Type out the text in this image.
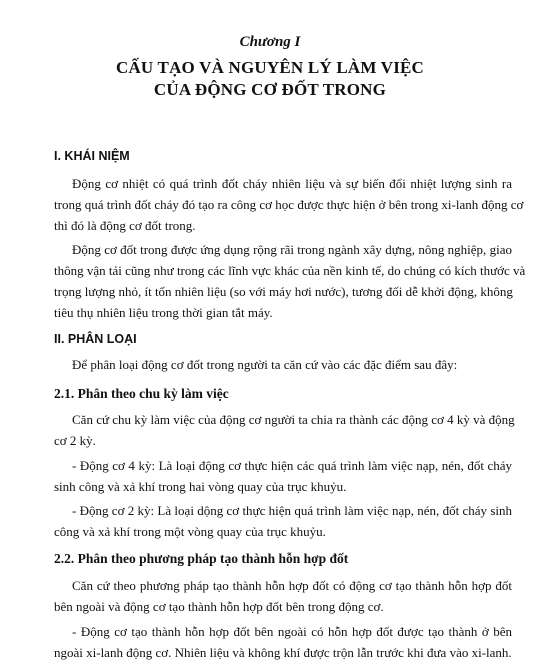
Chương I
CẤU TẠO VÀ NGUYÊN LÝ LÀM VIỆC
CỦA ĐỘNG CƠ ĐỐT TRONG
I. KHÁI NIỆM
Động cơ nhiệt có quá trình đốt cháy nhiên liệu và sự biến đổi nhiệt lượng sinh ra
trong quá trình đốt cháy đó tạo ra công cơ học được thực hiện ở bên trong xi-lanh động cơ
thì đó là động cơ đốt trong.
Động cơ đốt trong được ứng dụng rộng rãi trong ngành xây dựng, nông nghiệp, giao
thông vận tải cũng như trong các lĩnh vực khác của nền kinh tế, do chúng có kích thước và
trọng lượng nhỏ, ít tốn nhiên liệu (so với máy hơi nước), tương đối dễ khởi động, không
tiêu thụ nhiên liệu trong thời gian tắt máy.
II. PHÂN LOẠI
Để phân loại động cơ đốt trong người ta căn cứ vào các đặc điểm sau đây:
2.1. Phân theo chu kỳ làm việc
Căn cứ chu kỳ làm việc của động cơ người ta chia ra thành các động cơ 4 kỳ và động
cơ 2 kỳ.
- Động cơ 4 kỳ: Là loại động cơ thực hiện các quá trình làm việc nạp, nén, đốt cháy
sinh công và xả khí trong hai vòng quay của trục khuỷu.
- Động cơ 2 kỳ: Là loại dộng cơ thực hiện quá trình làm việc nạp, nén, đốt cháy sinh
công và xả khí trong một vòng quay của trục khuỷu.
2.2. Phân theo phương pháp tạo thành hỗn hợp đốt
Căn cứ theo phương pháp tạo thành hỗn hợp đốt có động cơ tạo thành hỗn hợp đốt
bên ngoài và động cơ tạo thành hỗn hợp đốt bên trong động cơ.
- Động cơ tạo thành hỗn hợp đốt bên ngoài có hỗn hợp đốt được tạo thành ở bên
ngoài xi-lanh động cơ. Nhiên liệu và không khí được trộn lẫn trước khi đưa vào xi-lanh.
